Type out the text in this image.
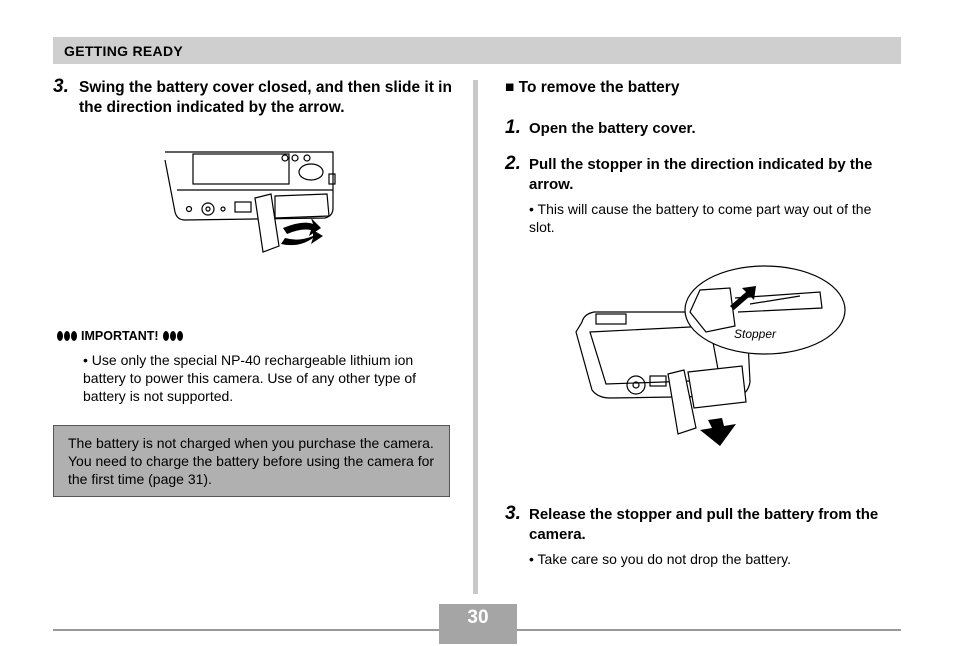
GETTING READY
3. Swing the battery cover closed, and then slide it in the direction indicated by the arrow.
IMPORTANT!
• Use only the special NP-40 rechargeable lithium ion battery to power this camera. Use of any other type of battery is not supported.
The battery is not charged when you purchase the camera. You need to charge the battery before using the camera for the first time (page 31).
■ To remove the battery
1. Open the battery cover.
2. Pull the stopper in the direction indicated by the arrow.
• This will cause the battery to come part way out of the slot.
Stopper
3. Release the stopper and pull the battery from the camera.
• Take care so you do not drop the battery.
30
